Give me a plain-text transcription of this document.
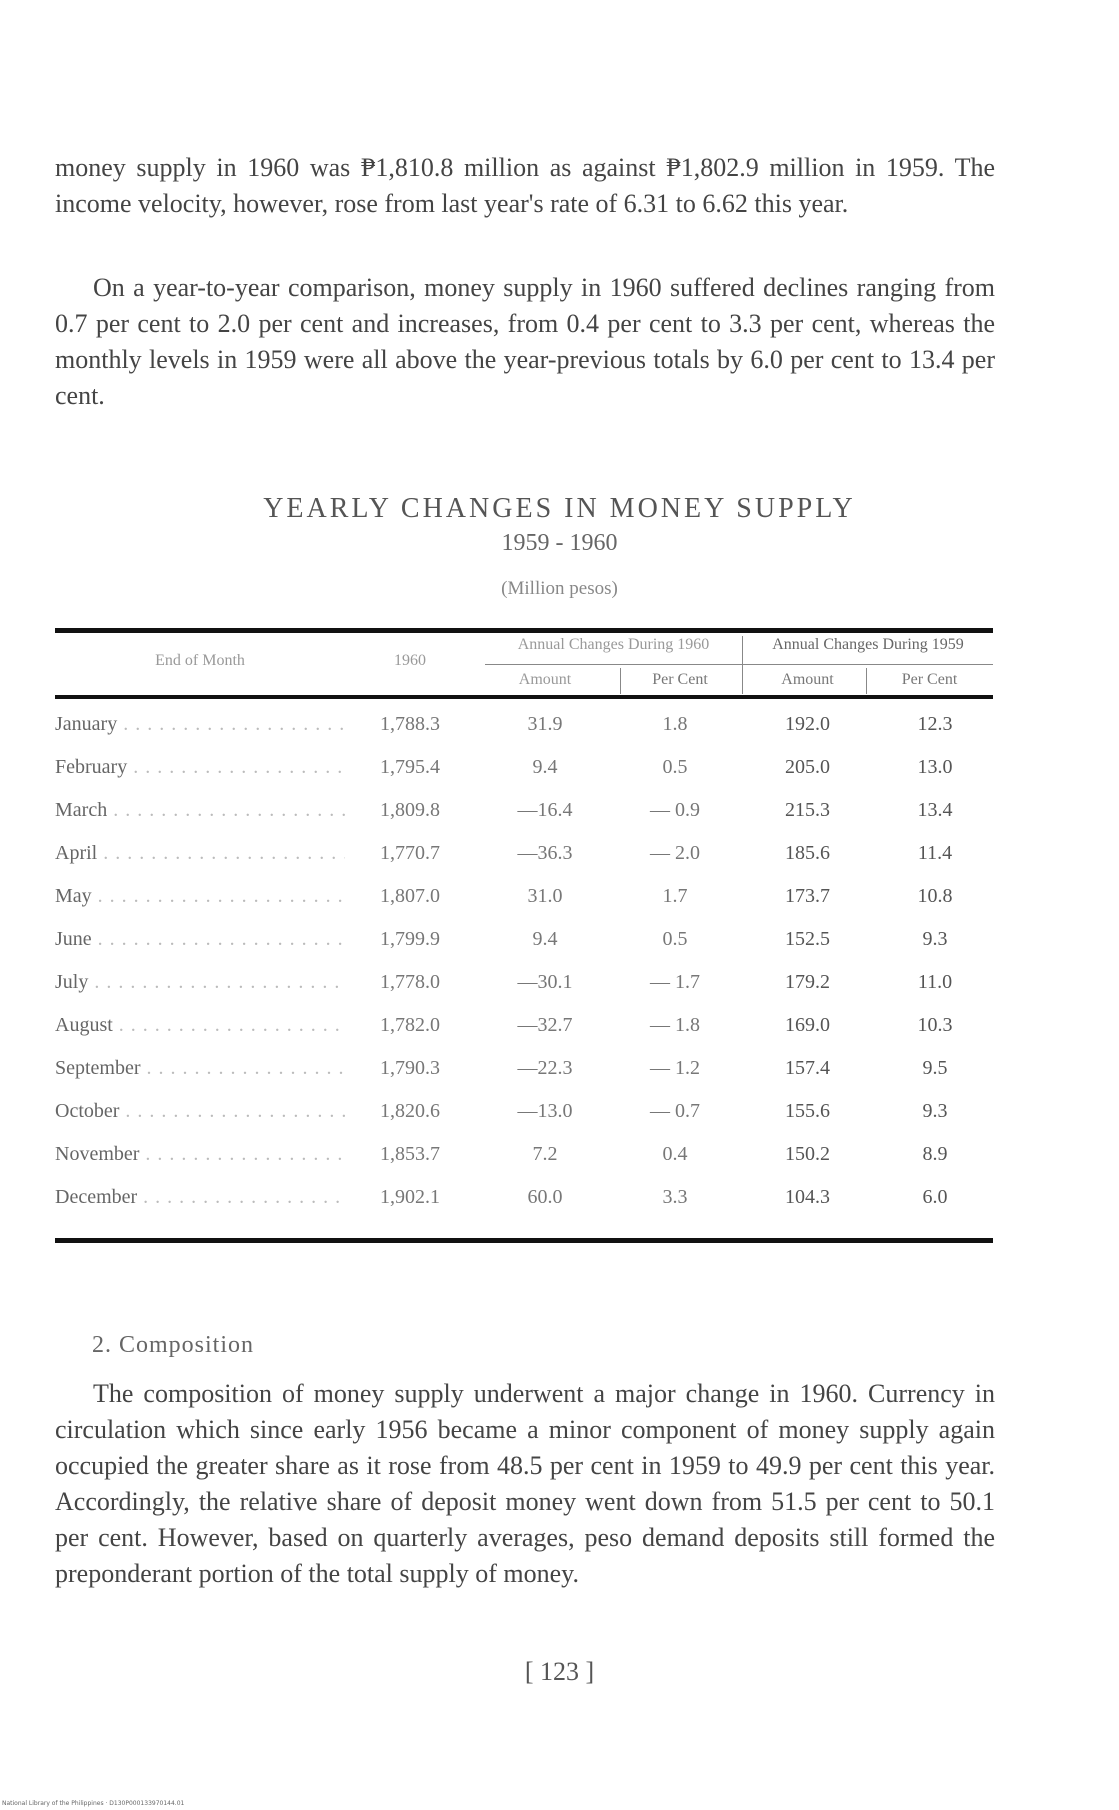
money supply in 1960 was ₱1,810.8 million as against ₱1,802.9 million in 1959. The income velocity, however, rose from last year's rate of 6.31 to 6.62 this year.

On a year-to-year comparison, money supply in 1960 suffered declines ranging from 0.7 per cent to 2.0 per cent and increases, from 0.4 per cent to 3.3 per cent, whereas the monthly levels in 1959 were all above the year-previous totals by 6.0 per cent to 13.4 per cent.

YEARLY CHANGES IN MONEY SUPPLY
1959 - 1960
(Million pesos)
End of Month	1960
Annual Changes During 1960	Annual Changes During 1959
Amount	Per Cent	Amount	Per Cent
January . . .	1,788.3	31.9	1.8	192.0	12.3
February . . .	1,795.4	9.4	0.5	205.0	13.0
March . . .	1,809.8	—16.4	— 0.9	215.3	13.4
April . . .	1,770.7	—36.3	— 2.0	185.6	11.4
May . . .	1,807.0	31.0	1.7	173.7	10.8
June . . .	1,799.9	9.4	0.5	152.5	9.3
July . . .	1,778.0	—30.1	— 1.7	179.2	11.0
August . . .	1,782.0	—32.7	— 1.8	169.0	10.3
September . . .	1,790.3	—22.3	— 1.2	157.4	9.5
October . . .	1,820.6	—13.0	— 0.7	155.6	9.3
November . . .	1,853.7	7.2	0.4	150.2	8.9
December . . .	1,902.1	60.0	3.3	104.3	6.0
2. Composition

The composition of money supply underwent a major change in 1960. Currency in circulation which since early 1956 became a minor component of money supply again occupied the greater share as it rose from 48.5 per cent in 1959 to 49.9 per cent this year. Accordingly, the relative share of deposit money went down from 51.5 per cent to 50.1 per cent. However, based on quarterly averages, peso demand deposits still formed the preponderant portion of the total supply of money.

[ 123 ]
National Library of the Philippines · D130P000133970144.01
